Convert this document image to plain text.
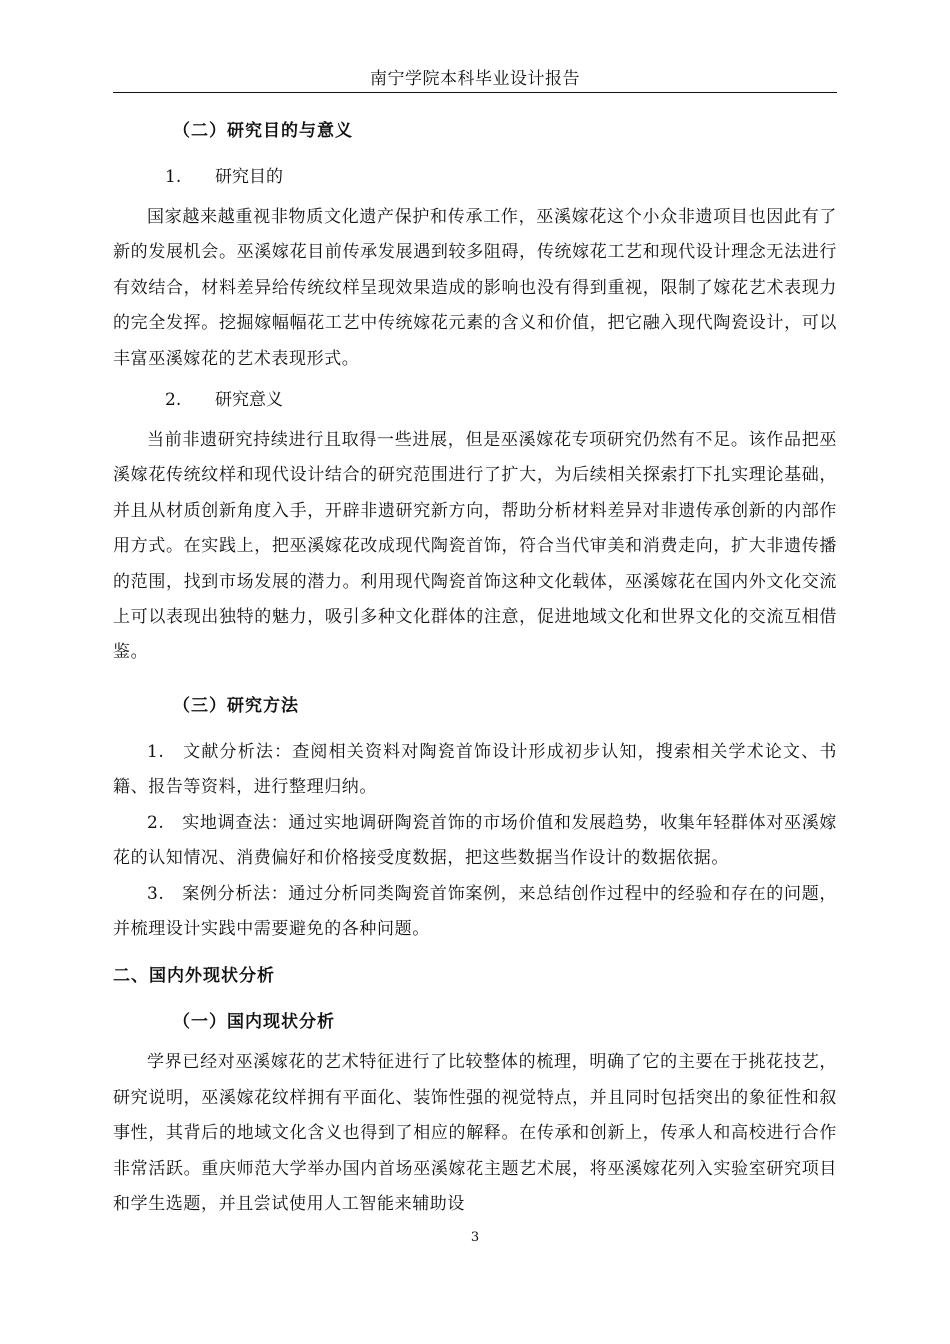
南宁学院本科毕业设计报告

（二）研究目的与意义

1. 研究目的

国家越来越重视非物质文化遗产保护和传承工作，巫溪嫁花这个小众非遗项目也因此有了新的发展机会。巫溪嫁花目前传承发展遇到较多阻碍，传统嫁花工艺和现代设计理念无法进行有效结合，材料差异给传统纹样呈现效果造成的影响也没有得到重视，限制了嫁花艺术表现力的完全发挥。挖掘嫁幅幅花工艺中传统嫁花元素的含义和价值，把它融入现代陶瓷设计，可以丰富巫溪嫁花的艺术表现形式。

2. 研究意义

当前非遗研究持续进行且取得一些进展，但是巫溪嫁花专项研究仍然有不足。该作品把巫溪嫁花传统纹样和现代设计结合的研究范围进行了扩大，为后续相关探索打下扎实理论基础，并且从材质创新角度入手，开辟非遗研究新方向，帮助分析材料差异对非遗传承创新的内部作用方式。在实践上，把巫溪嫁花改成现代陶瓷首饰，符合当代审美和消费走向，扩大非遗传播的范围，找到市场发展的潜力。利用现代陶瓷首饰这种文化载体，巫溪嫁花在国内外文化交流上可以表现出独特的魅力，吸引多种文化群体的注意，促进地域文化和世界文化的交流互相借鉴。

（三）研究方法

1.　文献分析法：查阅相关资料对陶瓷首饰设计形成初步认知，搜索相关学术论文、书籍、报告等资料，进行整理归纳。

2.　实地调查法：通过实地调研陶瓷首饰的市场价值和发展趋势，收集年轻群体对巫溪嫁花的认知情况、消费偏好和价格接受度数据，把这些数据当作设计的数据依据。

3.　案例分析法：通过分析同类陶瓷首饰案例，来总结创作过程中的经验和存在的问题，并梳理设计实践中需要避免的各种问题。

二、国内外现状分析

（一）国内现状分析

学界已经对巫溪嫁花的艺术特征进行了比较整体的梳理，明确了它的主要在于挑花技艺，研究说明，巫溪嫁花纹样拥有平面化、装饰性强的视觉特点，并且同时包括突出的象征性和叙事性，其背后的地域文化含义也得到了相应的解释。在传承和创新上，传承人和高校进行合作非常活跃。重庆师范大学举办国内首场巫溪嫁花主题艺术展，将巫溪嫁花列入实验室研究项目和学生选题，并且尝试使用人工智能来辅助设

3
